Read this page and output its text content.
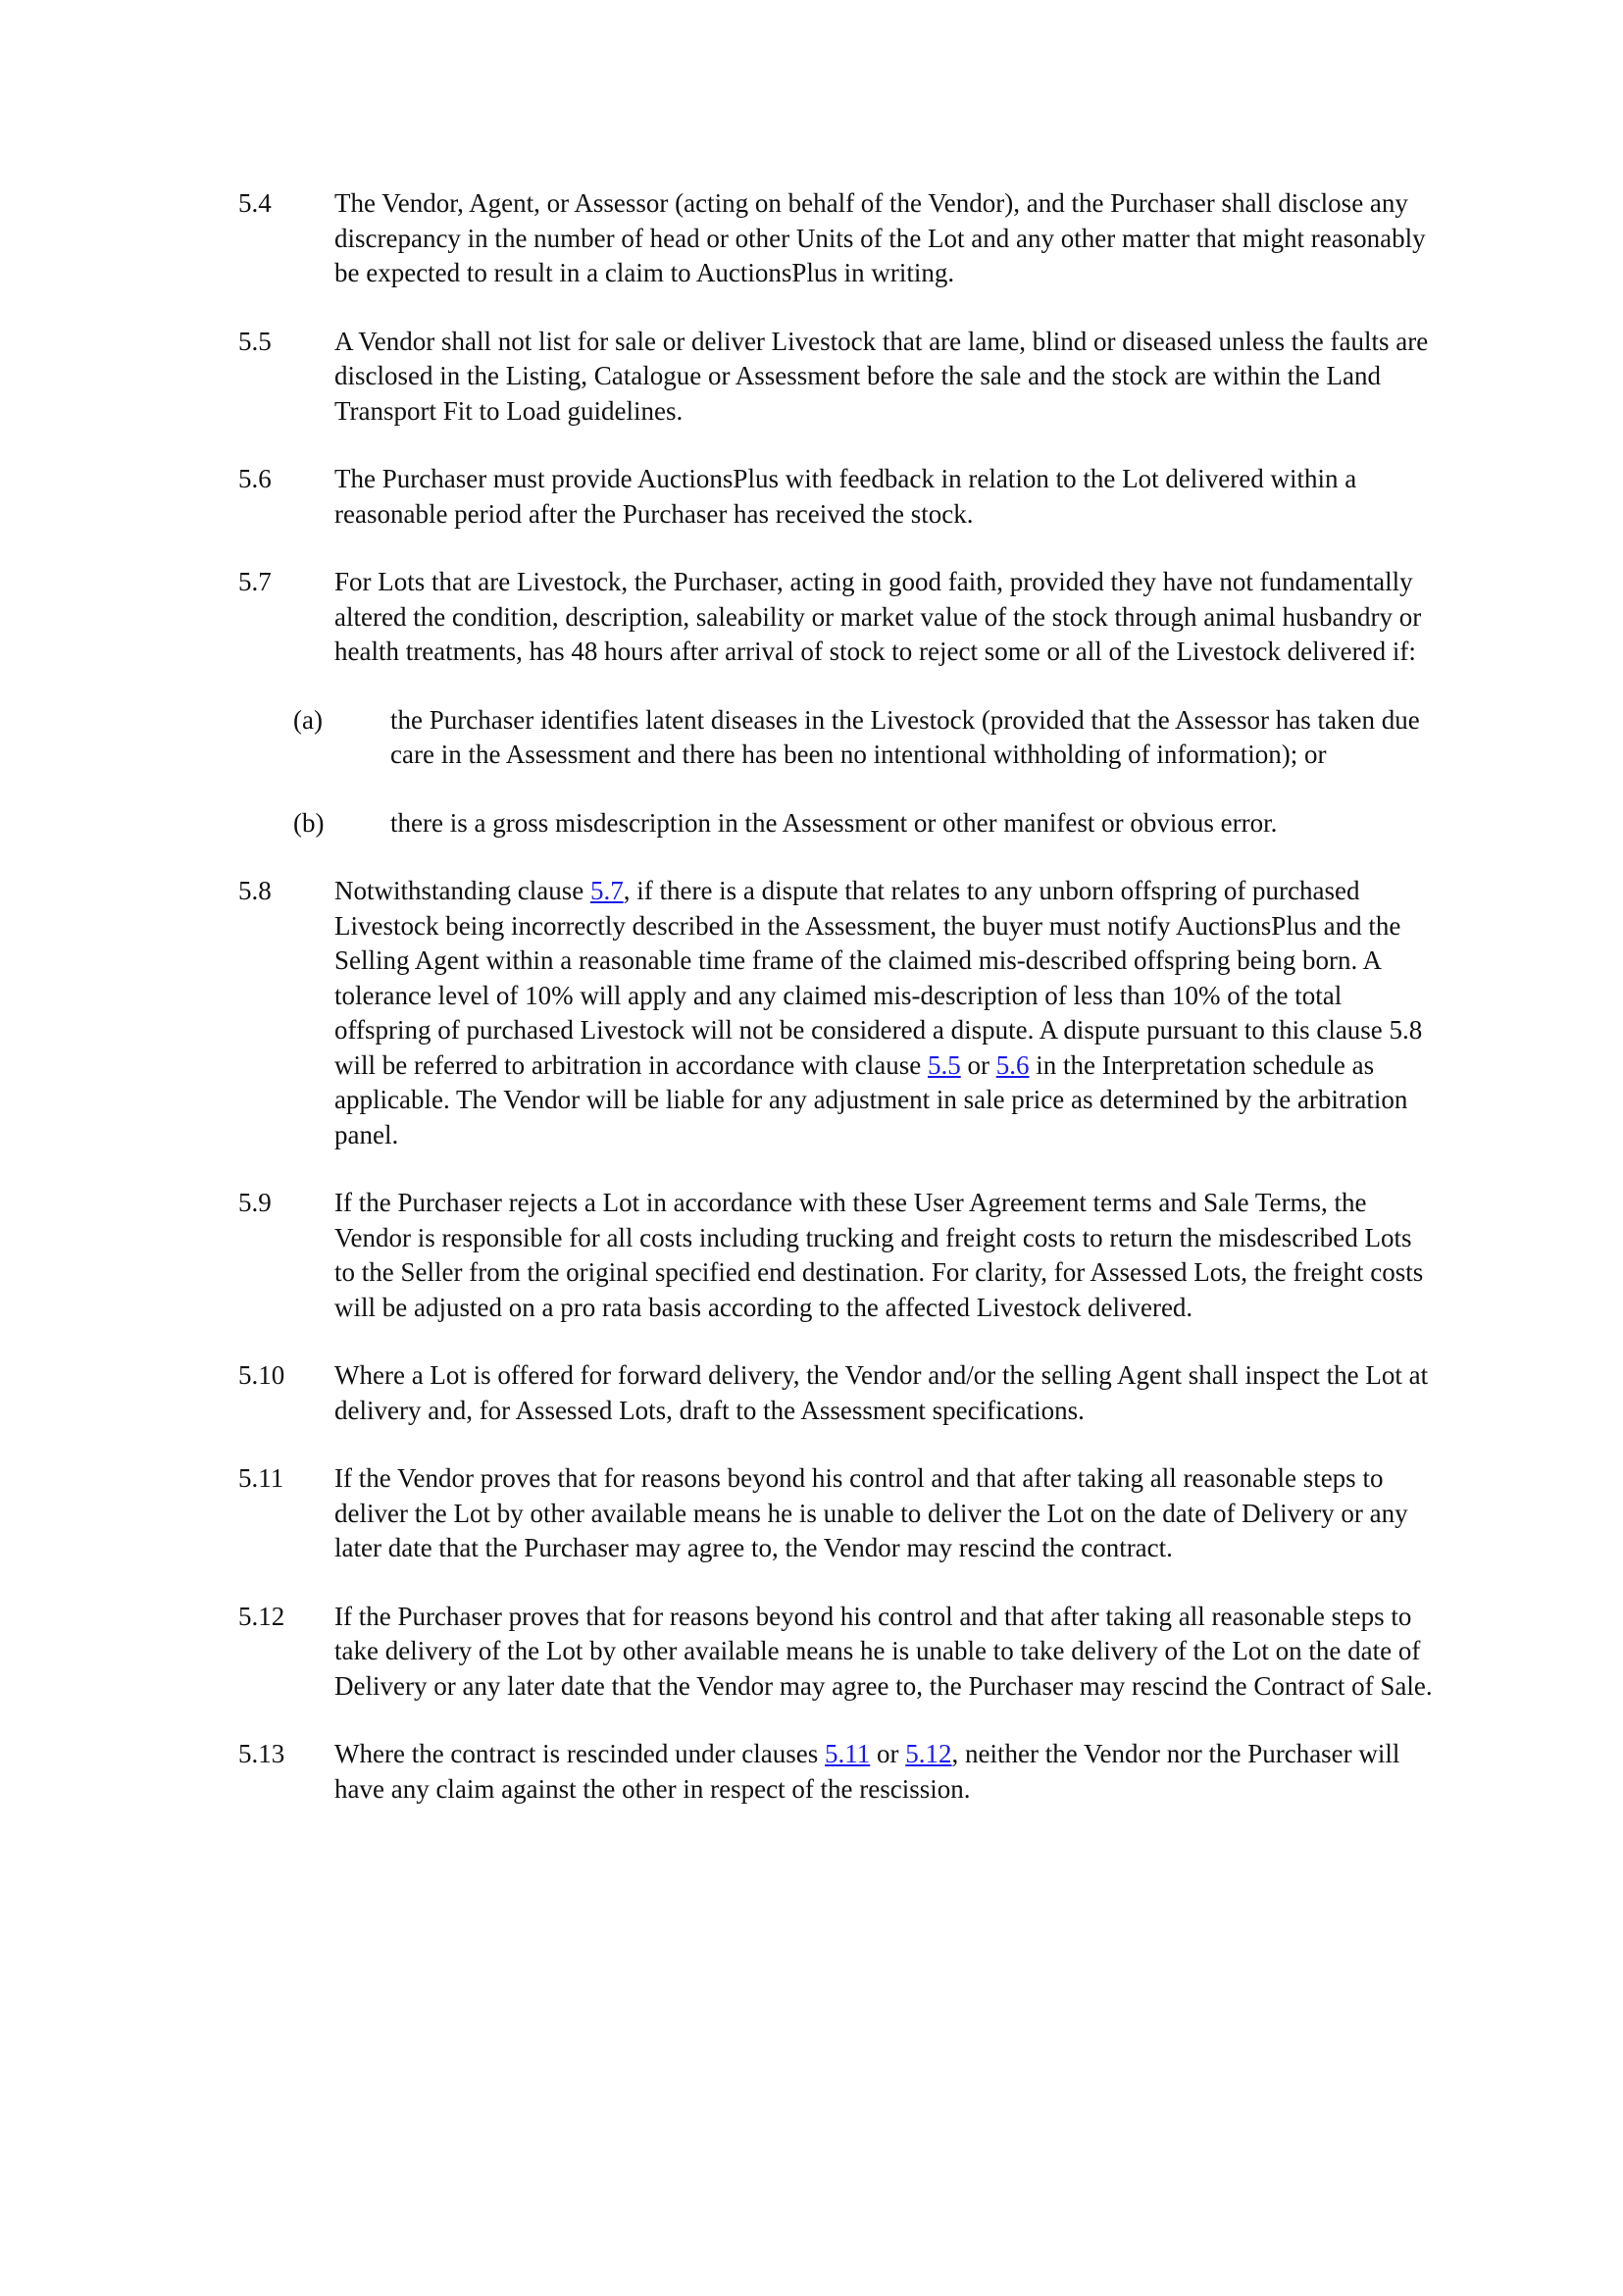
5.4 The Vendor, Agent, or Assessor (acting on behalf of the Vendor), and the Purchaser shall disclose any discrepancy in the number of head or other Units of the Lot and any other matter that might reasonably be expected to result in a claim to AuctionsPlus in writing.
5.5 A Vendor shall not list for sale or deliver Livestock that are lame, blind or diseased unless the faults are disclosed in the Listing, Catalogue or Assessment before the sale and the stock are within the Land Transport Fit to Load guidelines.
5.6 The Purchaser must provide AuctionsPlus with feedback in relation to the Lot delivered within a reasonable period after the Purchaser has received the stock.
5.7 For Lots that are Livestock, the Purchaser, acting in good faith, provided they have not fundamentally altered the condition, description, saleability or market value of the stock through animal husbandry or health treatments, has 48 hours after arrival of stock to reject some or all of the Livestock delivered if:
(a)	the Purchaser identifies latent diseases in the Livestock (provided that the Assessor has taken due care in the Assessment and there has been no intentional withholding of information); or
(b)	there is a gross misdescription in the Assessment or other manifest or obvious error.
5.8 Notwithstanding clause 5.7, if there is a dispute that relates to any unborn offspring of purchased Livestock being incorrectly described in the Assessment, the buyer must notify AuctionsPlus and the Selling Agent within a reasonable time frame of the claimed mis-described offspring being born. A tolerance level of 10% will apply and any claimed mis-description of less than 10% of the total offspring of purchased Livestock will not be considered a dispute. A dispute pursuant to this clause 5.8 will be referred to arbitration in accordance with clause 5.5 or 5.6 in the Interpretation schedule as applicable. The Vendor will be liable for any adjustment in sale price as determined by the arbitration panel.
5.9 If the Purchaser rejects a Lot in accordance with these User Agreement terms and Sale Terms, the Vendor is responsible for all costs including trucking and freight costs to return the misdescribed Lots to the Seller from the original specified end destination. For clarity, for Assessed Lots, the freight costs will be adjusted on a pro rata basis according to the affected Livestock delivered.
5.10 Where a Lot is offered for forward delivery, the Vendor and/or the selling Agent shall inspect the Lot at delivery and, for Assessed Lots, draft to the Assessment specifications.
5.11 If the Vendor proves that for reasons beyond his control and that after taking all reasonable steps to deliver the Lot by other available means he is unable to deliver the Lot on the date of Delivery or any later date that the Purchaser may agree to, the Vendor may rescind the contract.
5.12 If the Purchaser proves that for reasons beyond his control and that after taking all reasonable steps to take delivery of the Lot by other available means he is unable to take delivery of the Lot on the date of Delivery or any later date that the Vendor may agree to, the Purchaser may rescind the Contract of Sale.
5.13 Where the contract is rescinded under clauses 5.11 or 5.12, neither the Vendor nor the Purchaser will have any claim against the other in respect of the rescission.
